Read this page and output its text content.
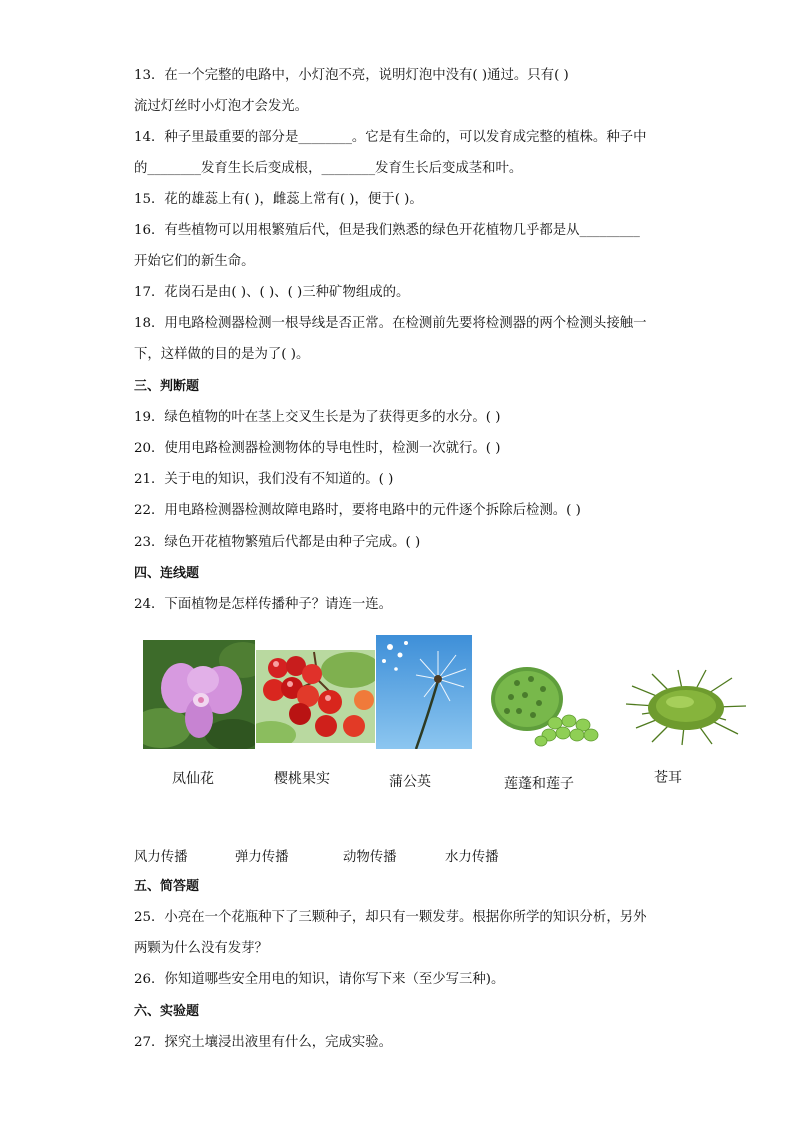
13．在一个完整的电路中，小灯泡不亮，说明灯泡中没有( )通过。只有( )
流过灯丝时小灯泡才会发光。
14．种子里最重要的部分是________。它是有生命的，可以发育成完整的植株。种子中
的________发育生长后变成根，________发育生长后变成茎和叶。
15．花的雄蕊上有( )，雌蕊上常有( )，便于( )。
16．有些植物可以用根繁殖后代，但是我们熟悉的绿色开花植物几乎都是从_________
开始它们的新生命。
17．花岗石是由( )、( )、( )三种矿物组成的。
18．用电路检测器检测一根导线是否正常。在检测前先要将检测器的两个检测头接触一
下，这样做的目的是为了( )。
三、判断题
19．绿色植物的叶在茎上交叉生长是为了获得更多的水分。( )
20．使用电路检测器检测物体的导电性时，检测一次就行。( )
21．关于电的知识，我们没有不知道的。( )
22．用电路检测器检测故障电路时，要将电路中的元件逐个拆除后检测。( )
23．绿色开花植物繁殖后代都是由种子完成。( )
四、连线题
24．下面植物是怎样传播种子？请连一连。
凤仙花	樱桃果实	蒲公英	莲蓬和莲子	苍耳
风力传播	弹力传播	动物传播	水力传播
五、简答题
25．小亮在一个花瓶种下了三颗种子，却只有一颗发芽。根据你所学的知识分析，另外
两颗为什么没有发芽？
26．你知道哪些安全用电的知识，请你写下来（至少写三种)。
六、实验题
27．探究土壤浸出液里有什么，完成实验。
